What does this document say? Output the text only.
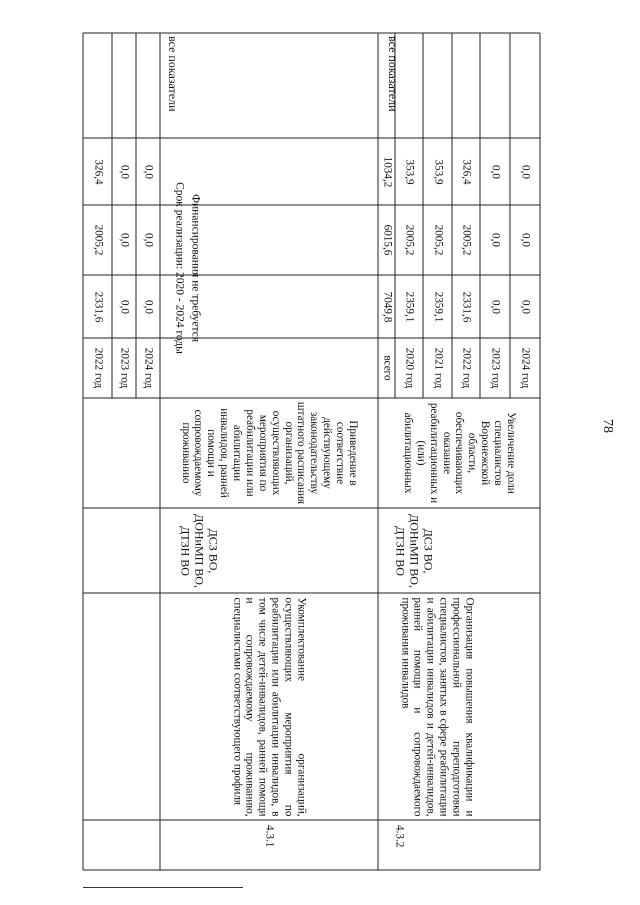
78
4.3.1
Укомплектование организаций, осуществляющих мероприятия по реабилитации или абилитации инвалидов, в том числе детей-инвалидов, ранней помощи и сопровождаемому проживанию, специалистами соответствующего профиля
ДСЗ ВО, ДОНиМП ВО, ДТЗН ВО
Приведение в соответствие действующему законодательству штатного расписания организаций, осуществляющих мероприятия по реабилитации или абилитации инвалидов, ранней помощи и сопровождаемому проживанию
2022 год 2023 год 2024 год
2331,6 0,0 0,0
2005,2 0,0 0,0
326,4 0,0 0,0
все показатели
Срок реализации: 2020 - 2024 годы Финансирования не требуется
4.3.2
Организация повышения квалификации и профессиональной переподготовки специалистов, занятых в сфере реабилитации и абилитации инвалидов и детей-инвалидов, ранней помощи и сопровождаемого проживания инвалидов
ДСЗ ВО, ДОНиМП ВО, ДТЗН ВО
Увеличение доли специалистов Воронежской области, обеспечивающих оказание реабилитационных и (или) абилитационных
всего 2020 год 2021 год 2022 год 2023 год 2024 год
7049,8 2359,1 2359,1 2331,6 0,0 0,0
6015,6 2005,2 2005,2 2005,2 0,0 0,0
1034,2 353,9 353,9 326,4 0,0 0,0
все показатели
